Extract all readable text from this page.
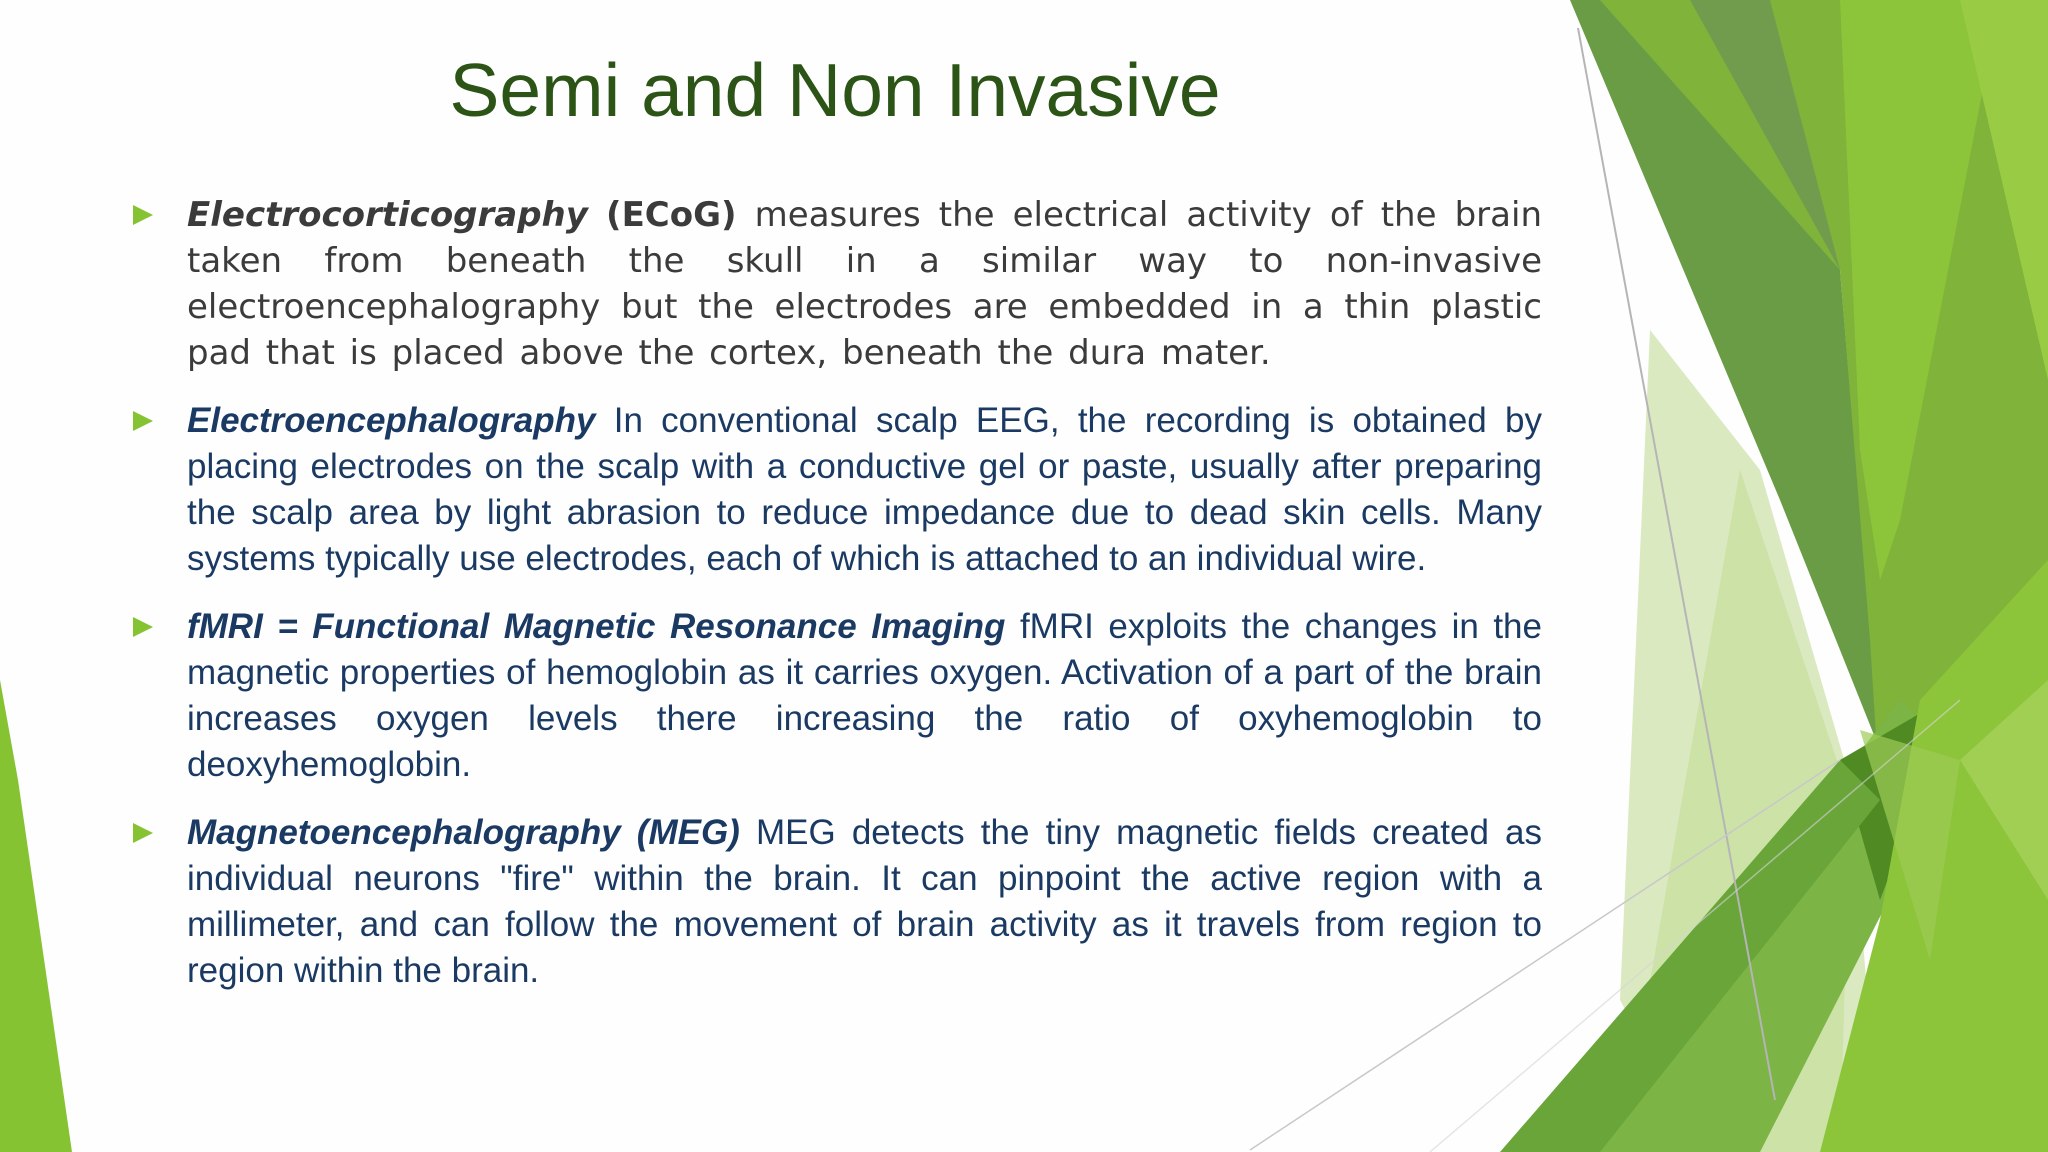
Semi and Non Invasive
Electrocorticography (ECoG) measures the electrical activity of the brain taken from beneath the skull in a similar way to non-invasive electroencephalography but the electrodes are embedded in a thin plastic pad that is placed above the cortex, beneath the dura mater.
Electroencephalography In conventional scalp EEG, the recording is obtained by placing electrodes on the scalp with a conductive gel or paste, usually after preparing the scalp area by light abrasion to reduce impedance due to dead skin cells. Many systems typically use electrodes, each of which is attached to an individual wire.
fMRI = Functional Magnetic Resonance Imaging fMRI exploits the changes in the magnetic properties of hemoglobin as it carries oxygen. Activation of a part of the brain increases oxygen levels there increasing the ratio of oxyhemoglobin to deoxyhemoglobin.
Magnetoencephalography (MEG) MEG detects the tiny magnetic fields created as individual neurons "fire" within the brain. It can pinpoint the active region with a millimeter, and can follow the movement of brain activity as it travels from region to region within the brain.
